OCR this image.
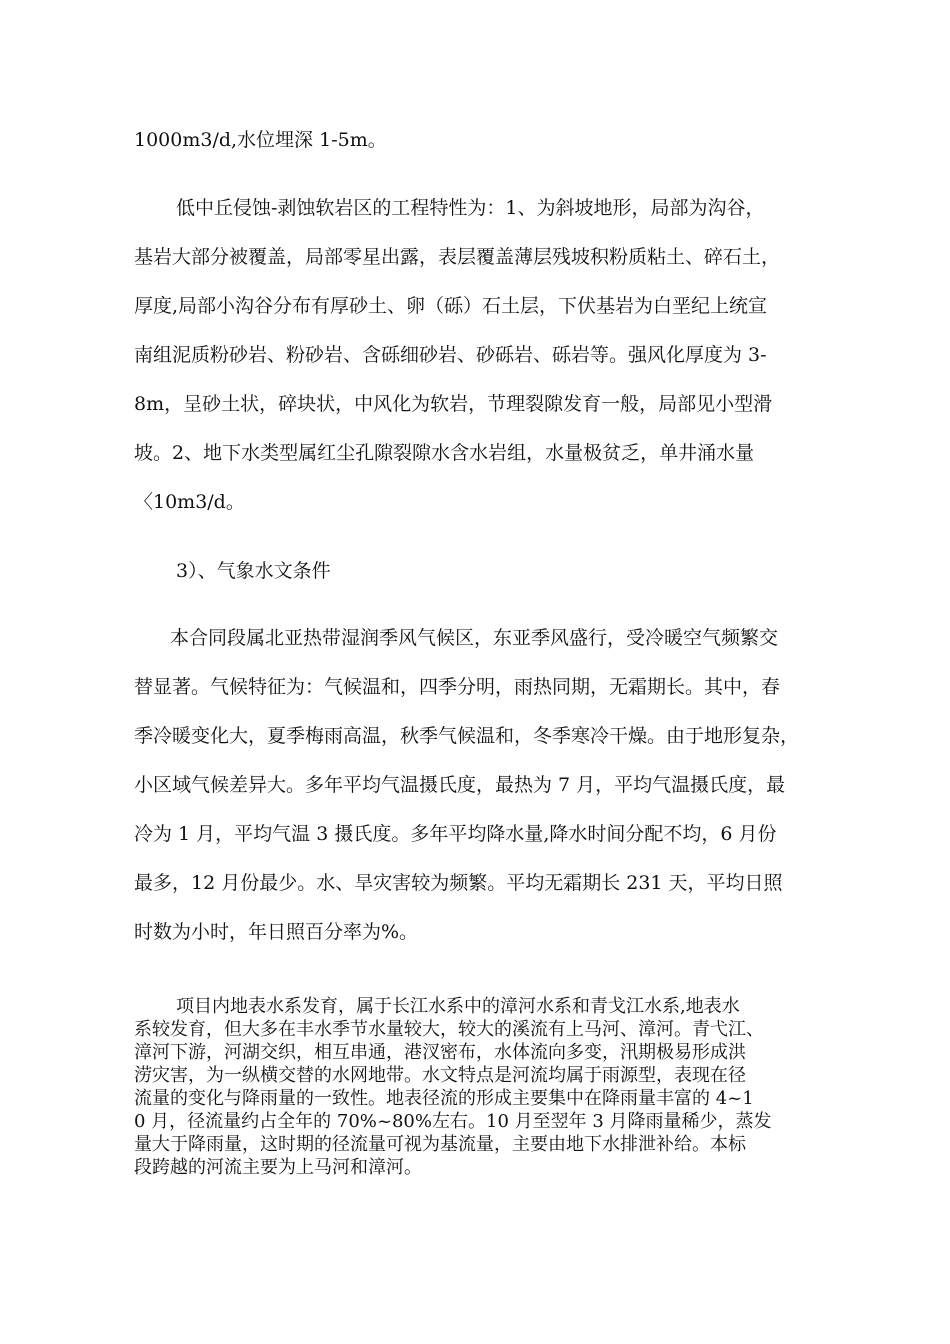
1000m3/d,水位埋深 1-5m。
低中丘侵蚀-剥蚀软岩区的工程特性为：1、为斜坡地形，局部为沟谷，
基岩大部分被覆盖，局部零星出露，表层覆盖薄层残坡积粉质粘土、碎石土，
厚度,局部小沟谷分布有厚砂土、卵（砾）石土层，下伏基岩为白垩纪上统宣
南组泥质粉砂岩、粉砂岩、含砾细砂岩、砂砾岩、砾岩等。强风化厚度为 3-
8m，呈砂土状，碎块状，中风化为软岩，节理裂隙发育一般，局部见小型滑
坡。2、地下水类型属红尘孔隙裂隙水含水岩组，水量极贫乏，单井涌水量
〈10m3/d。
3）、气象水文条件
本合同段属北亚热带湿润季风气候区，东亚季风盛行，受冷暖空气频繁交
替显著。气候特征为：气候温和，四季分明，雨热同期，无霜期长。其中，春
季冷暖变化大，夏季梅雨高温，秋季气候温和，冬季寒冷干燥。由于地形复杂，
小区域气候差异大。多年平均气温摄氏度，最热为 7 月，平均气温摄氏度，最
冷为 1 月，平均气温 3 摄氏度。多年平均降水量,降水时间分配不均，6 月份
最多，12 月份最少。水、旱灾害较为频繁。平均无霜期长 231 天，平均日照
时数为小时，年日照百分率为%。
项目内地表水系发育，属于长江水系中的漳河水系和青戈江水系,地表水
系较发育，但大多在丰水季节水量较大，较大的溪流有上马河、漳河。青弋江、
漳河下游，河湖交织，相互串通，港汊密布，水体流向多变，汛期极易形成洪
涝灾害，为一纵横交替的水网地带。水文特点是河流均属于雨源型，表现在径
流量的变化与降雨量的一致性。地表径流的形成主要集中在降雨量丰富的 4~1
0 月，径流量约占全年的 70%~80%左右。10 月至翌年 3 月降雨量稀少，蒸发
量大于降雨量，这时期的径流量可视为基流量，主要由地下水排泄补给。本标
段跨越的河流主要为上马河和漳河。
